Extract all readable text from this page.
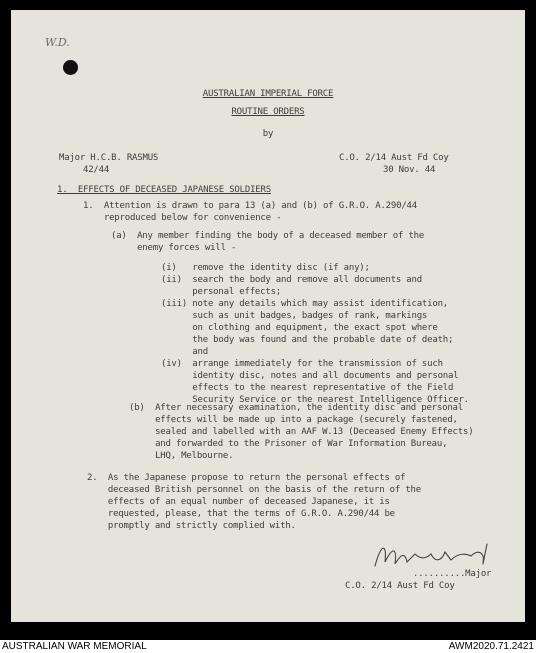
W.D.
AUSTRALIAN IMPERIAL FORCE
ROUTINE ORDERS
by
Major H.C.B. RASMUS
42/44
C.O. 2/14 Aust Fd Coy
30 Nov. 44
1.  EFFECTS OF DECEASED JAPANESE SOLDIERS
1.  Attention is drawn to para 13 (a) and (b) of G.R.O. A.290/44
reproduced below for convenience -
(a)  Any member finding the body of a deceased member of the
enemy forces will -
(i)   remove the identity disc (if any);
(ii)  search the body and remove all documents and
personal effects;
(iii) note any details which may assist identification,
such as unit badges, badges of rank, markings
on clothing and equipment, the exact spot where
the body was found and the probable date of death;
and
(iv)  arrange immediately for the transmission of such
identity disc, notes and all documents and personal
effects to the nearest representative of the Field
Security Service or the nearest Intelligence Officer.
(b)  After necessary examination, the identity disc and personal
effects will be made up into a package (securely fastened,
sealed and labelled with an AAF W.13 (Deceased Enemy Effects)
and forwarded to the Prisoner of War Information Bureau,
LHQ, Melbourne.
2.  As the Japanese propose to return the personal effects of
deceased British personnel on the basis of the return of the
effects of an equal number of deceased Japanese, it is
requested, please, that the terms of G.R.O. A.290/44 be
promptly and strictly complied with.
..........Major
C.O. 2/14 Aust Fd Coy
AUSTRALIAN WAR MEMORIAL	AWM2020.71.2421
